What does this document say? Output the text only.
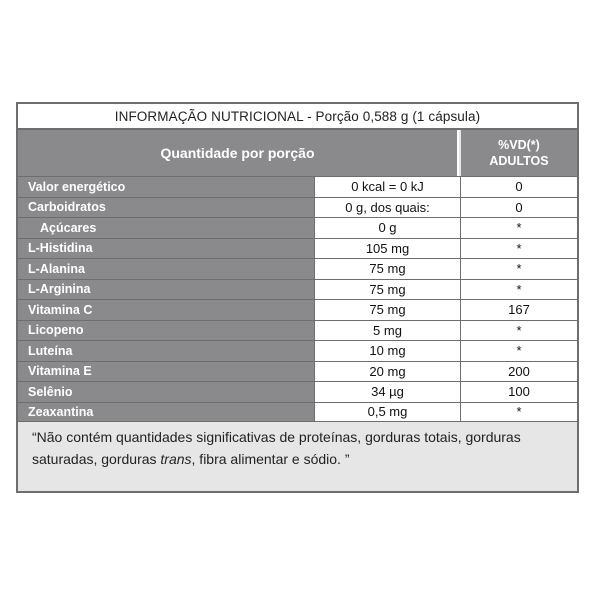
INFORMAÇÃO NUTRICIONAL - Porção 0,588 g (1 cápsula)
Quantidade por porção	%VD(*)
ADULTOS
Valor energético	0 kcal = 0 kJ	0
Carboidratos	0 g, dos quais:	0
Açúcares	0 g	*
L-Histidina	105 mg	*
L-Alanina	75 mg	*
L-Arginina	75 mg	*
Vitamina C	75 mg	167
Licopeno	5 mg	*
Luteína	10 mg	*
Vitamina E	20 mg	200
Selênio	34 µg	100
Zeaxantina	0,5 mg	*
“Não contém quantidades significativas de proteínas, gorduras totais, gorduras saturadas, gorduras trans, fibra alimentar e sódio. ”
